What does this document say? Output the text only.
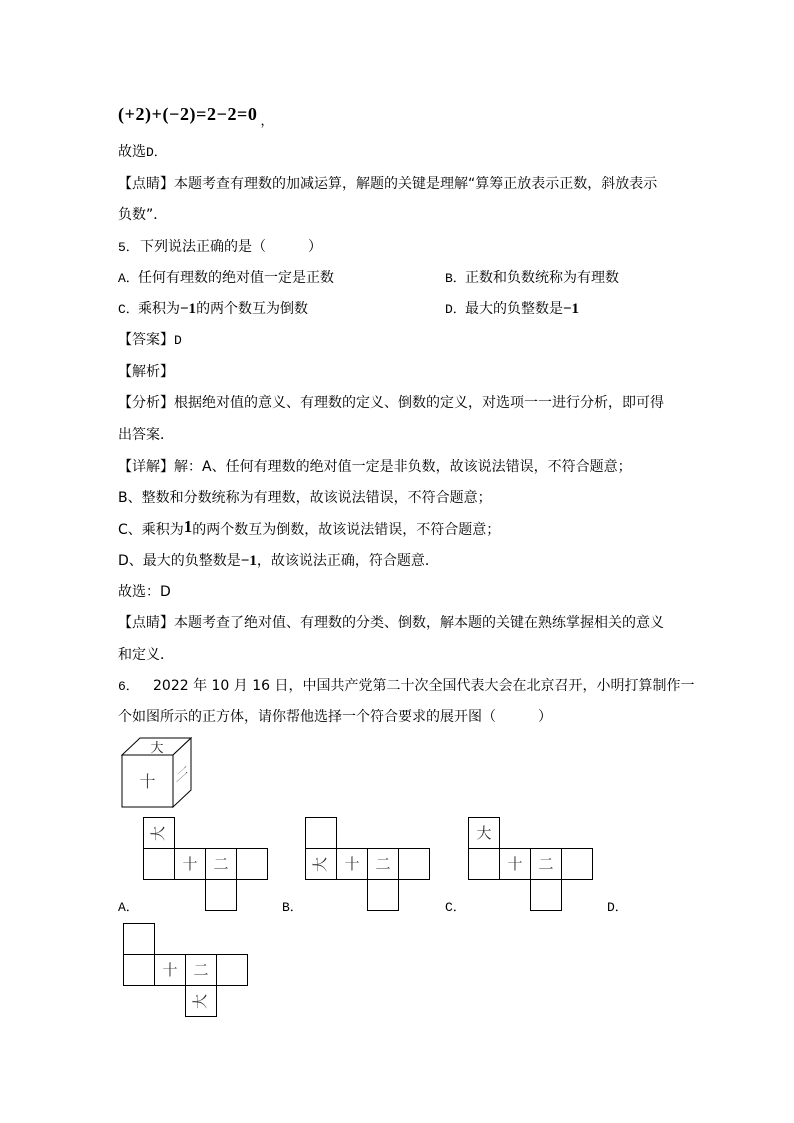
(+2)+(−2)=2−2=0 ，
故选D．
【点睛】本题考查有理数的加减运算，解题的关键是理解“算筹正放表示正数，斜放表示
负数”．
5．下列说法正确的是（　　　）
A．任何有理数的绝对值一定是正数	B．正数和负数统称为有理数
C．乘积为−1的两个数互为倒数	D．最大的负整数是−1
【答案】D
【解析】
【分析】根据绝对值的意义、有理数的定义、倒数的定义，对选项一一进行分析，即可得
出答案．
【详解】解：A、任何有理数的绝对值一定是非负数，故该说法错误，不符合题意；
B、整数和分数统称为有理数，故该说法错误，不符合题意；
C、乘积为1的两个数互为倒数，故该说法错误，不符合题意；
D、最大的负整数是−1，故该说法正确，符合题意．
故选：D
【点睛】本题考查了绝对值、有理数的分类、倒数，解本题的关键在熟练掌握相关的意义
和定义．
6． 2022 年 10 月 16 日，中国共产党第二十次全国代表大会在北京召开，小明打算制作一
个如图所示的正方体，请你帮他选择一个符合要求的展开图（　　　）
十
大
二
大
十 二
A．
大 十 二
B．
大
十 二
C．	D．
十 二
大
